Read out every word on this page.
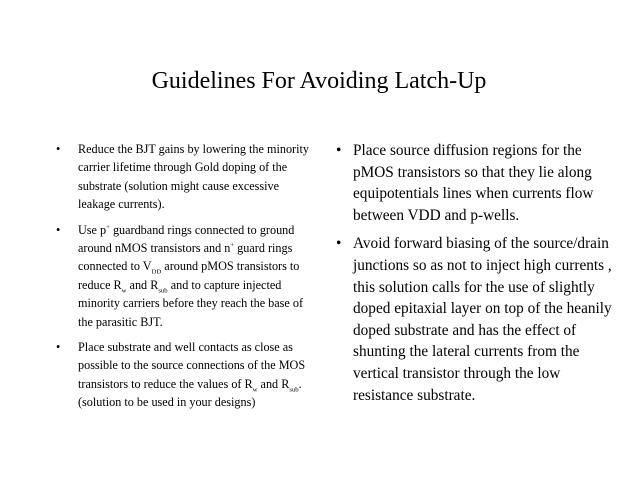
Guidelines For Avoiding Latch-Up
• Reduce the BJT gains by lowering the minority carrier lifetime through Gold doping of the substrate (solution might cause excessive leakage currents).
• Use p+ guardband rings connected to ground around nMOS transistors and n+ guard rings connected to $V_{DD}$ around pMOS transistors to reduce $R_w$ and $R_{sub}$ and to capture injected minority carriers before they reach the base of the parasitic BJT.
• Place substrate and well contacts as close as possible to the source connections of the MOS transistors to reduce the values of $R_w$ and $R_{sub}$. (solution to be used in your designs)
• Place source diffusion regions for the pMOS transistors so that they lie along equipotentials lines when currents flow between VDD and p-wells.
• Avoid forward biasing of the source/drain junctions so as not to inject high currents , this solution calls for the use of slightly doped epitaxial layer on top of the heanily doped substrate and has the effect of shunting the lateral currents from the vertical transistor through the low resistance substrate.
